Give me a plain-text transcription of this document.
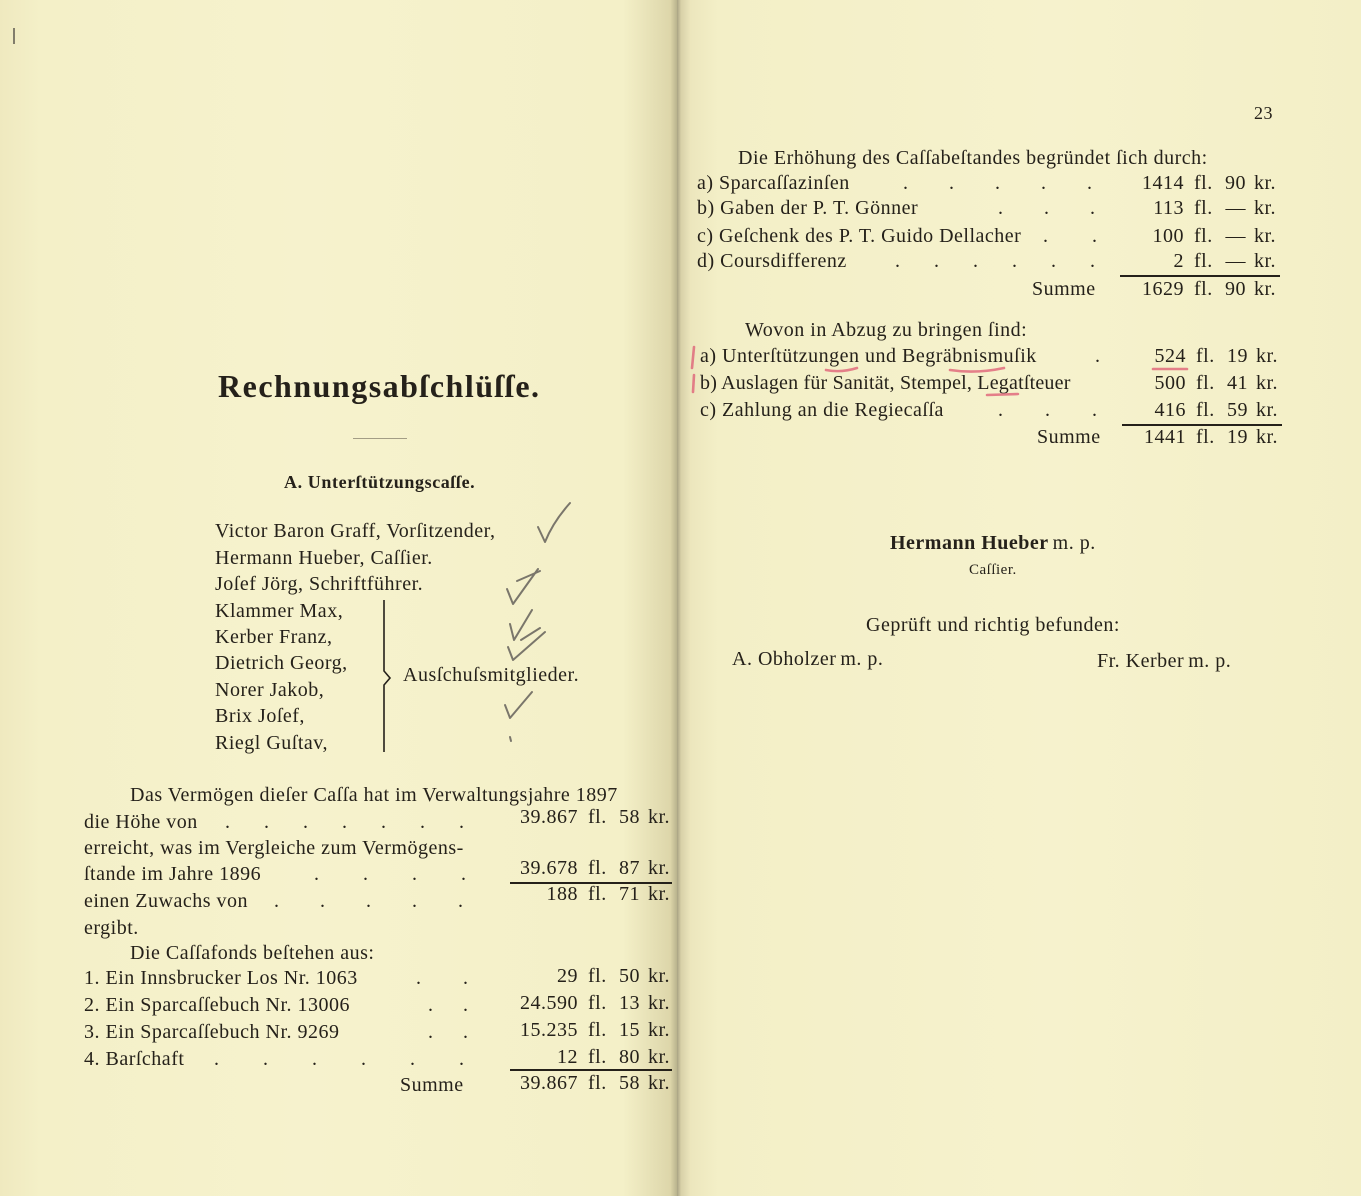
Rechnungsabſchlüſſe.
A. Unterſtützungscaſſe.
Victor Baron Graff, Vorſitzender,
Hermann Hueber, Caſſier.
Joſef Jörg, Schriftführer.
Klammer Max,
Kerber Franz,
Dietrich Georg,
Norer Jakob,
Brix Joſef,
Riegl Guſtav,
Ausſchuſsmitglieder.
Das Vermögen dieſer Caſſa hat im Verwaltungsjahre 1897
die Höhe von . . . . . . .	39.867 fl. 58 kr.
erreicht, was im Vergleiche zum Vermögens-
ſtande im Jahre 1896	. . . .	39.678 fl. 87 kr.
einen Zuwachs von . . . . .	188 fl. 71 kr.
ergibt.
Die Caſſafonds beſtehen aus:
1. Ein Innsbrucker Los Nr. 1063	. .	29 fl. 50 kr.
2. Ein Sparcaſſebuch Nr. 13006	. .	24.590 fl. 13 kr.
3. Ein Sparcaſſebuch Nr. 9269	. .	15.235 fl. 15 kr.
4. Barſchaft . . . . . .	12 fl. 80 kr.
Summe	39.867 fl. 58 kr.
23
Die Erhöhung des Caſſabeſtandes begründet ſich durch:
a) Sparcaſſazinſen	. . . . .	1414 fl. 90 kr.
b) Gaben der P. T. Gönner	. . .	113 fl. — kr.
c) Geſchenk des P. T. Guido Dellacher . .	100 fl. — kr.
d) Coursdifferenz . . . . . .	2 fl. — kr.
Summe	1629 fl. 90 kr.
Wovon in Abzug zu bringen ſind:
a) Unterſtützungen und Begräbnismuſik	.	524 fl. 19 kr.
b) Auslagen für Sanität, Stempel, Legatſteuer	500 fl. 41 kr.
c) Zahlung an die Regiecaſſa	. . .	416 fl. 59 kr.
Summe	1441 fl. 19 kr.
Hermann Hueber m. p.
Caſſier.
Geprüft und richtig befunden:
A. Obholzer m. p.	Fr. Kerber m. p.
